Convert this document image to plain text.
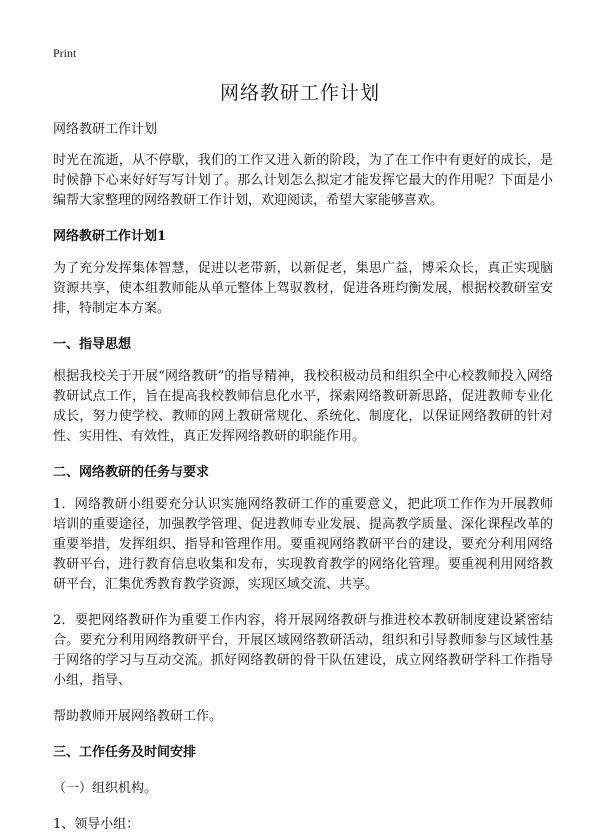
Print
网络教研工作计划

网络教研工作计划

时光在流逝，从不停歇，我们的工作又进入新的阶段，为了在工作中有更好的成长，是时候静下心来好好写写计划了。那么计划怎么拟定才能发挥它最大的作用呢？下面是小编帮大家整理的网络教研工作计划，欢迎阅读，希望大家能够喜欢。

网络教研工作计划1

为了充分发挥集体智慧，促进以老带新，以新促老，集思广益，博采众长，真正实现脑资源共享，使本组教师能从单元整体上驾驭教材，促进各班均衡发展，根据校教研室安排，特制定本方案。

一、指导思想

根据我校关于开展“网络教研”的指导精神，我校积极动员和组织全中心校教师投入网络教研试点工作，旨在提高我校教师信息化水平，探索网络教研新思路，促进教师专业化成长，努力使学校、教师的网上教研常规化、系统化、制度化，以保证网络教研的针对性、实用性、有效性，真正发挥网络教研的职能作用。

二、网络教研的任务与要求

1．网络教研小组要充分认识实施网络教研工作的重要意义，把此项工作作为开展教师培训的重要途径，加强教学管理、促进教师专业发展、提高教学质量、深化课程改革的重要举措，发挥组织、指导和管理作用。要重视网络教研平台的建设，要充分利用网络教研平台，进行教育信息收集和发布，实现教育教学的网络化管理。要重视利用网络教研平台，汇集优秀教育教学资源，实现区域交流、共享。

2．要把网络教研作为重要工作内容，将开展网络教研与推进校本教研制度建设紧密结合。要充分利用网络教研平台，开展区域网络教研活动，组织和引导教师参与区域性基于网络的学习与互动交流。抓好网络教研的骨干队伍建设，成立网络教研学科工作指导小组，指导、

帮助教师开展网络教研工作。

三、工作任务及时间安排

（一）组织机构。

1、领导小组：
